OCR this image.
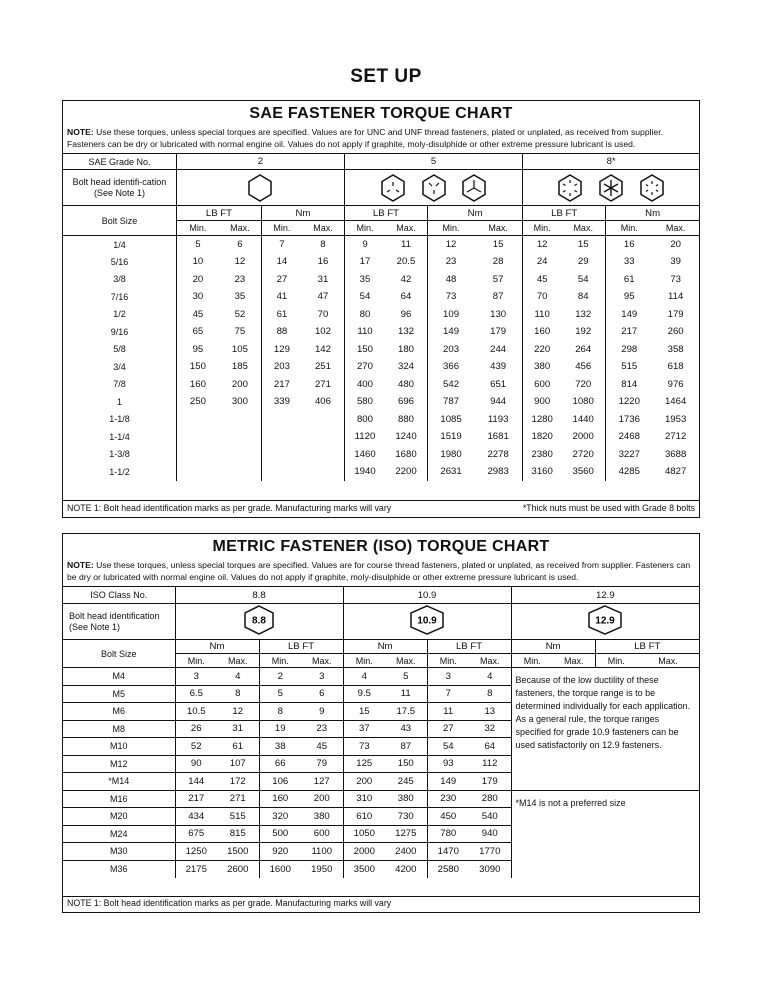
SET UP
SAE FASTENER TORQUE CHART
NOTE: Use these torques, unless special torques are specified. Values are for UNC and UNF thread fasteners, plated or unplated, as received from supplier. Fasteners can be dry or lubricated with normal engine oil. Values do not apply if graphite, moly-disulphide or other extreme pressure lubricant is used.
SAE Grade No.	2				5				8*			
Bolt head identifi-cation (See Note 1)			
Bolt Size	LB FT		Nm		LB FT		Nm		LB FT		Nm	
	Min.	Max.	Min.	Max.	Min.	Max.	Min.	Max.	Min.	Max.	Min.	Max.
1/4	5	6	7	8	9	11	12	15	12	15	16	20
5/16	10	12	14	16	17	20.5	23	28	24	29	33	39
3/8	20	23	27	31	35	42	48	57	45	54	61	73
7/16	30	35	41	47	54	64	73	87	70	84	95	114
1/2	45	52	61	70	80	96	109	130	110	132	149	179
9/16	65	75	88	102	110	132	149	179	160	192	217	260
5/8	95	105	129	142	150	180	203	244	220	264	298	358
3/4	150	185	203	251	270	324	366	439	380	456	515	618
7/8	160	200	217	271	400	480	542	651	600	720	814	976
1	250	300	339	406	580	696	787	944	900	1080	1220	1464
1-1/8					800	880	1085	1193	1280	1440	1736	1953
1-1/4					1120	1240	1519	1681	1820	2000	2468	2712
1-3/8					1460	1680	1980	2278	2380	2720	3227	3688
1-1/2					1940	2200	2631	2983	3160	3560	4285	4827
NOTE 1: Bolt head identification marks as per grade. Manufacturing marks will vary	*Thick nuts must be used with Grade 8 bolts
METRIC FASTENER (ISO) TORQUE CHART
NOTE: Use these torques, unless special torques are specified. Values are for course thread fasteners, plated or unplated, as received from supplier. Fasteners can be dry or lubricated with normal engine oil. Values do not apply if graphite, moly-disulphide or other extreme pressure lubricant is used.
ISO Class No.	8.8				10.9				12.9			
Bolt head identification (See Note 1)	8.8				10.9				12.9			

Bolt Size	Nm		LB FT		Nm		LB FT		Nm		LB FT	
	Min.	Max.	Min.	Max.	Min.	Max.	Min.	Max.	Min.	Max.	Min.	Max.
M4	3	4	2	3	4	5	3	4	Because of the low ductility of these fasteners, the torque range is to be determined individually for each application. As a general rule, the torque ranges specified for grade 10.9 fasteners can be used satisfactorily on 12.9 fasteners.			
M5	6.5	8	5	6	9.5	11	7	8				
M6	10.5	12	8	9	15	17.5	11	13				
M8	26	31	19	23	37	43	27	32				
M10	52	61	38	45	73	87	54	64				
M12	90	107	66	79	125	150	93	112				
*M14	144	172	106	127	200	245	149	179				
M16	217	271	160	200	310	380	230	280	*M14 is not a preferred size			
M20	434	515	320	380	610	730	450	540				
M24	675	815	500	600	1050	1275	780	940				
M30	1250	1500	920	1100	2000	2400	1470	1770				
M36	2175	2600	1600	1950	3500	4200	2580	3090				
NOTE 1: Bolt head identification marks as per grade. Manufacturing marks will vary
